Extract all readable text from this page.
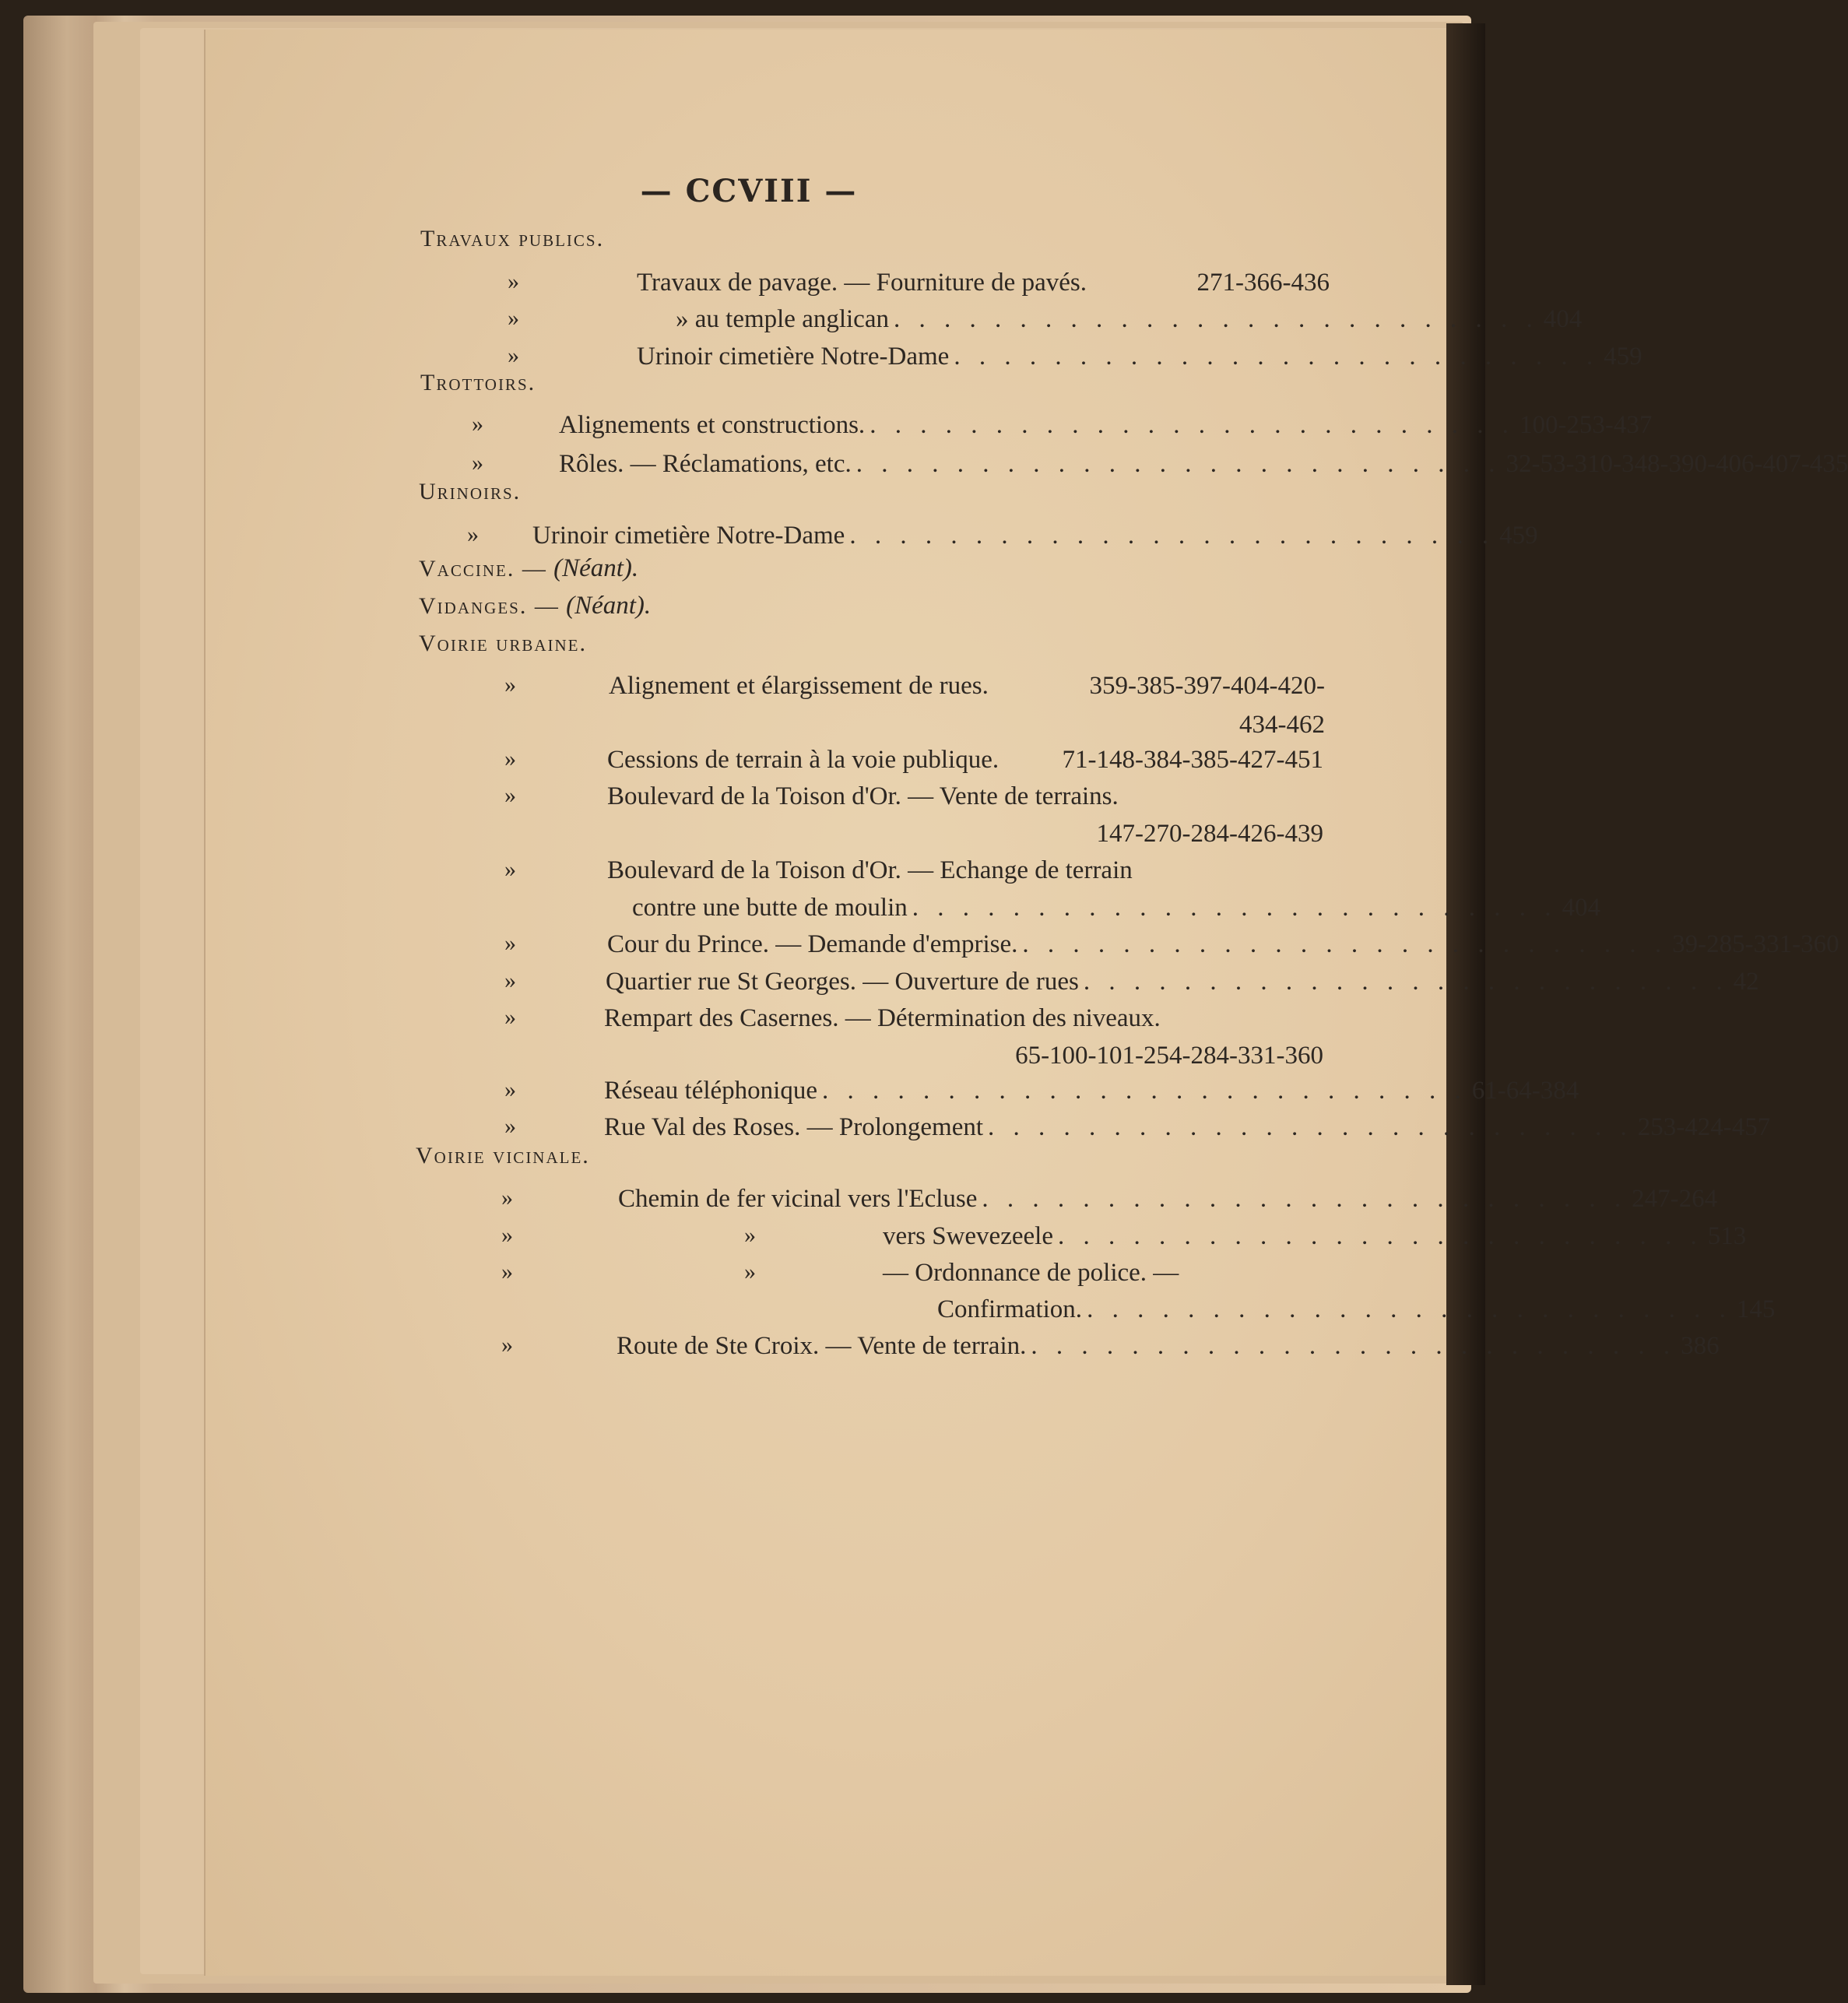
— CCVIII —
Travaux publics.
»	Travaux de pavage. — Fourniture de pavés.	271-366-436
»	» au temple anglican . . . . . . . . . . . . . . . . . . . . . . . . . . 404
»	Urinoir cimetière Notre-Dame . . . . . . . . . . . . . . . . . . . . . . . . . . 459
Trottoirs.
»	Alignements et constructions. . . . . . . . . . . . . . . . . . . . . . . . . . . 100-253-437
»	Rôles. — Réclamations, etc. . . . . . . . . . . . . . . . . . . . . . . . . . . 32-53-310-348-390-406-407-435
Urinoirs.
» Urinoir cimetière Notre-Dame . . . . . . . . . . . . . . . . . . . . . . . . . . 459
Vaccine. — (Néant).
Vidanges. — (Néant).
Voirie urbaine.
»	Alignement et élargissement de rues.	359-385-397-404-420-
434-462
»	Cessions de terrain à la voie publique. 71-148-384-385-427-451
»	Boulevard de la Toison d'Or. — Vente de terrains.
147-270-284-426-439
»	Boulevard de la Toison d'Or. — Echange de terrain
contre une butte de moulin . . . . . . . . . . . . . . . . . . . . . . . . . . 404
»	Cour du Prince. — Demande d'emprise. . . . . . . . . . . . . . . . . . . . . . . . . . . 39-285-331-360
»	Quartier rue St Georges. — Ouverture de rues . . . . . . . . . . . . . . . . . . . . . . . . . . 42
»	Rempart des Casernes. — Détermination des niveaux.
65-100-101-254-284-331-360
»	Réseau téléphonique . . . . . . . . . . . . . . . . . . . . . . . . . . 61-64-384
»	Rue Val des Roses. — Prolongement . . . . . . . . . . . . . . . . . . . . . . . . . . 253-424-457
Voirie vicinale.
»	Chemin de fer vicinal vers l'Ecluse . . . . . . . . . . . . . . . . . . . . . . . . . . 247-264
»	»	vers Swevezeele . . . . . . . . . . . . . . . . . . . . . . . . . . 513
»	»	— Ordonnance de police. —
Confirmation. . . . . . . . . . . . . . . . . . . . . . . . . . . 145
»	Route de Ste Croix. — Vente de terrain. . . . . . . . . . . . . . . . . . . . . . . . . . . 386
